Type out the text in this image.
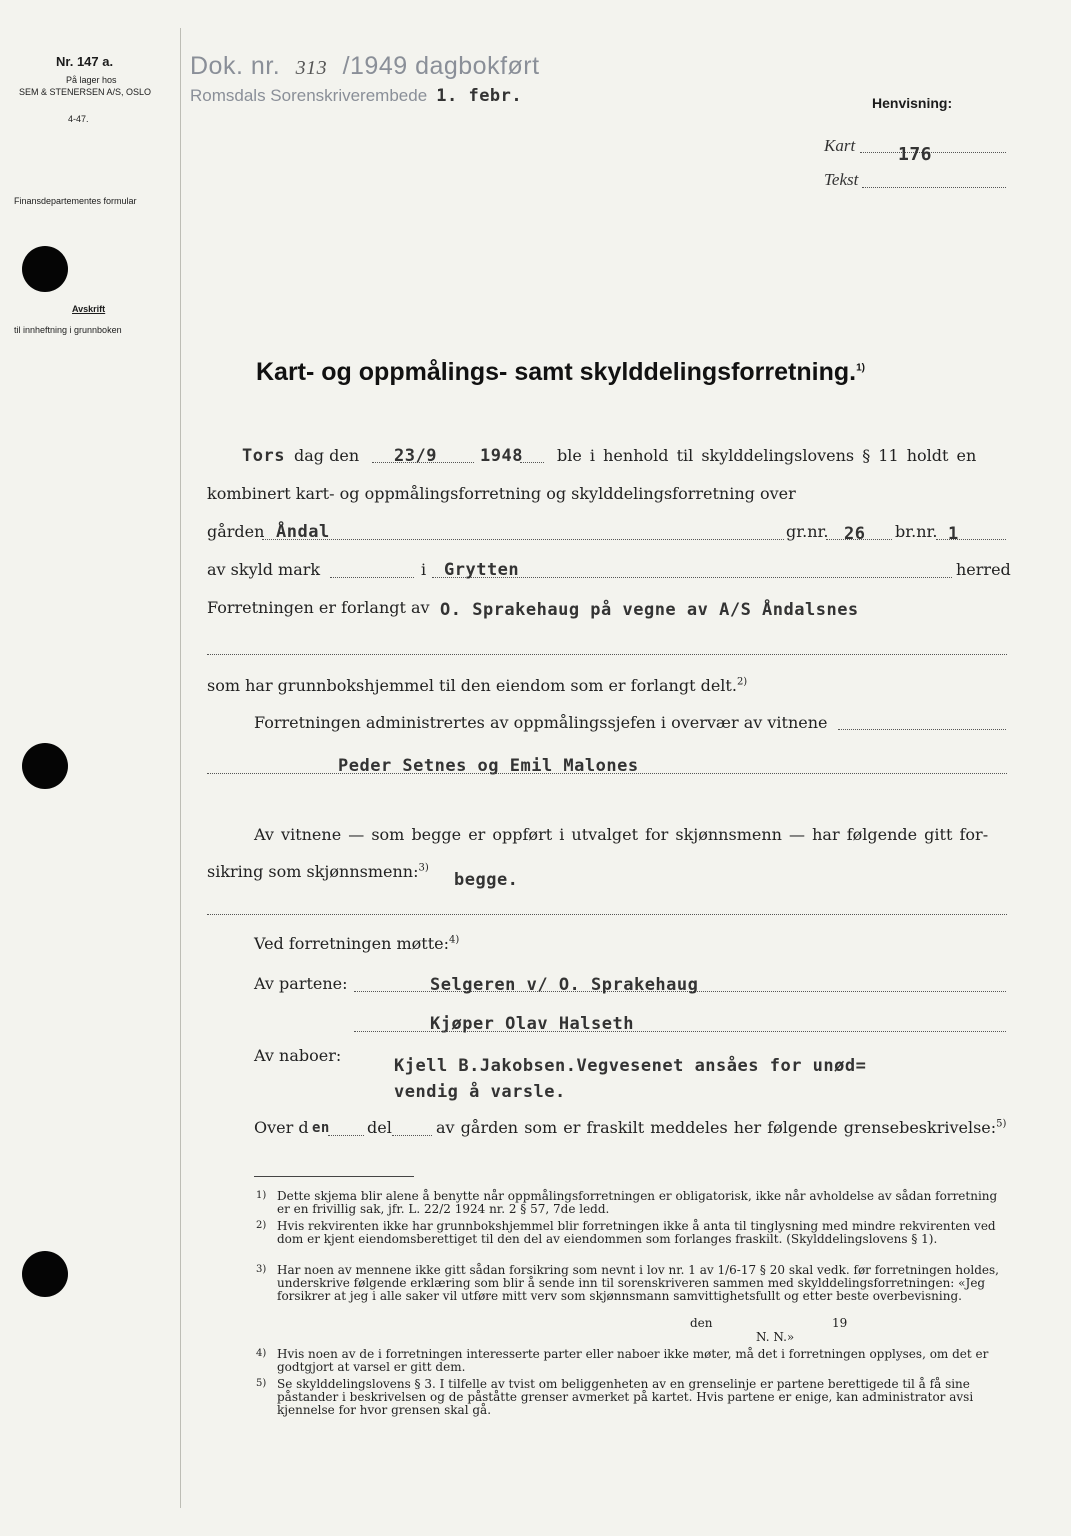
Nr. 147 a.
På lager hos
SEM & STENERSEN A/S, OSLO
4-47.
Finansdepartementes formular
Avskrift
til innheftning i grunnboken
Dok. nr. 313 /1949 dagbokført
Romsdals Sorenskriverembede 1. febr.	Henvisning:
Kart 176
Tekst
Kart- og oppmålings- samt skylddelingsforretning.$^{1)}$
Tors dag den 23/9	1948 ble i henhold til skylddelingslovens § 11 holdt en
kombinert kart- og oppmålingsforretning og skylddelingsforretning over
gården Åndal	gr.nr. 26 br.nr. 1
av skyld mark	i Grytten	herred
Forretningen er forlangt av O. Sprakehaug på vegne av A/S Åndalsnes
som har grunnbokshjemmel til den eiendom som er forlangt delt.$^{2)}$
Forretningen administrertes av oppmålingssjefen i overvær av vitnene
Peder Setnes og Emil Malones
Av vitnene — som begge er oppført i utvalget for skjønnsmenn — har følgende gitt for-
sikring som skjønnsmenn:$^{3)}$
begge.
Ved forretningen møtte:$^{4)}$
Av partene:	Selgeren v/ O. Sprakehaug
Kjøper Olav Halseth
Av naboer:
Kjell B.Jakobsen.Vegvesenet ansåes for unød=
vendig å varsle.
Over d en del	av gården som er fraskilt meddeles her følgende grensebeskrivelse:$^{5)}$
1) Dette skjema blir alene å benytte når oppmålingsforretningen er obligatorisk, ikke når avholdelse av sådan forretning er en frivillig sak, jfr. L. 22/2 1924 nr. 2 § 57, 7de ledd.
2) Hvis rekvirenten ikke har grunnbokshjemmel blir forretningen ikke å anta til tinglysning med mindre rekvirenten ved dom er kjent eiendomsberettiget til den del av eiendommen som forlanges fraskilt. (Skylddelingslovens § 1).
3) Har noen av mennene ikke gitt sådan forsikring som nevnt i lov nr. 1 av 1/6-17 § 20 skal vedk. før forretningen holdes, underskrive følgende erklæring som blir å sende inn til sorenskriveren sammen med skylddelingsforretningen: «Jeg forsikrer at jeg i alle saker vil utføre mitt verv som skjønnsmann samvittighetsfullt og etter beste overbevisning.
den	19
N. N.»
4) Hvis noen av de i forretningen interesserte parter eller naboer ikke møter, må det i forretningen opplyses, om det er godtgjort at varsel er gitt dem.
5) Se skylddelingslovens § 3. I tilfelle av tvist om beliggenheten av en grenselinje er partene berettigede til å få sine påstander i beskrivelsen og de påståtte grenser avmerket på kartet. Hvis partene er enige, kan administrator avsi kjennelse for hvor grensen skal gå.
